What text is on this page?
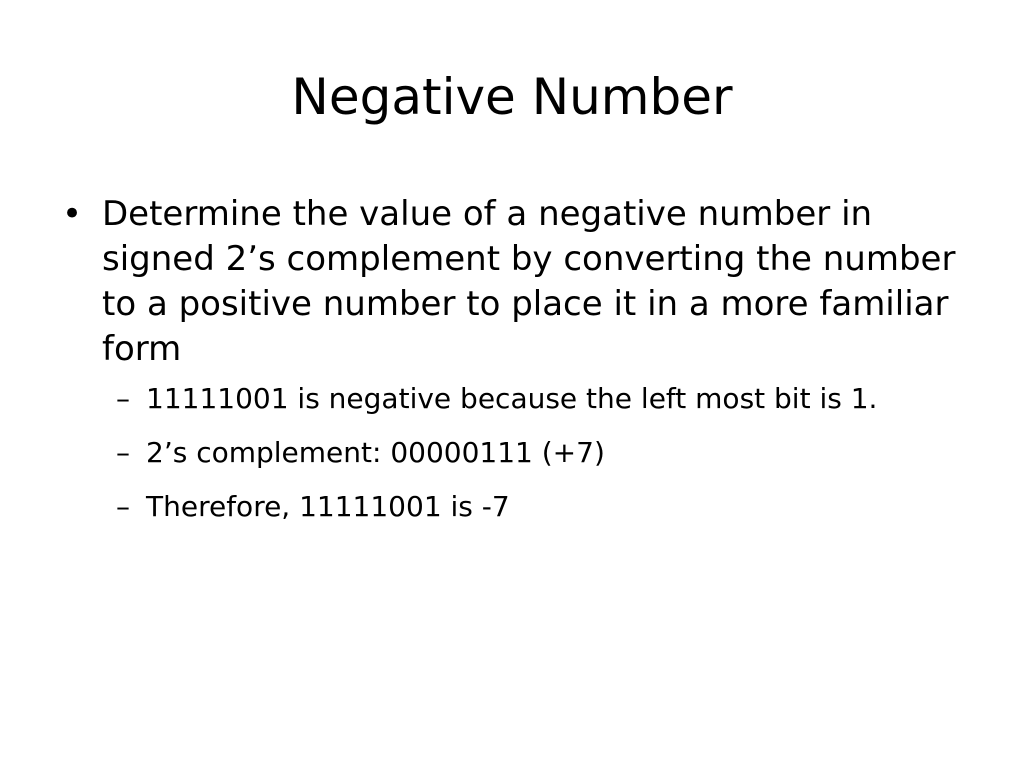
Negative Number
• Determine the value of a negative number in signed 2’s complement by converting the number to a positive number to place it in a more familiar form
– 11111001 is negative because the left most bit is 1.
– 2’s complement: 00000111 (+7)
– Therefore, 11111001 is -7
